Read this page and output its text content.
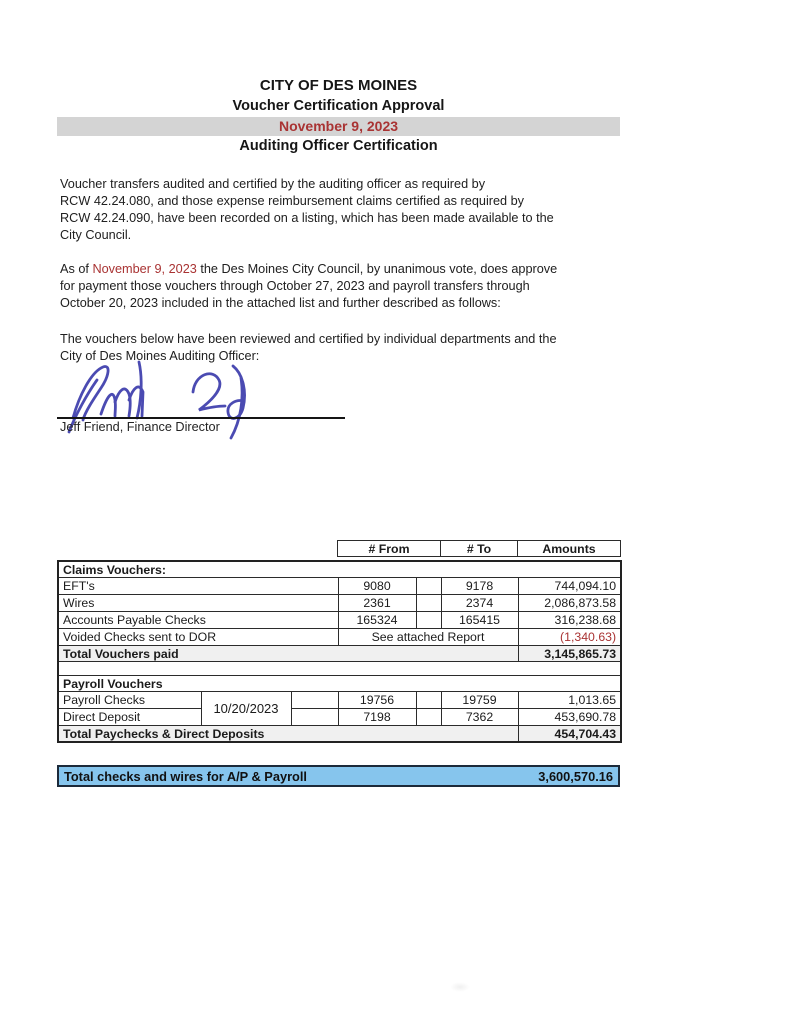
CITY OF DES MOINES
Voucher Certification Approval
November 9, 2023
Auditing Officer Certification
Voucher transfers audited and certified by the auditing officer as required by
RCW 42.24.080, and those expense reimbursement claims certified as required by
RCW 42.24.090, have been recorded on a listing, which has been made available to the
City Council.
As of November 9, 2023 the Des Moines City Council, by unanimous vote, does approve
for payment those vouchers through October 27, 2023 and payroll transfers through
October 20, 2023 included in the attached list and further described as follows:
The vouchers below have been reviewed and certified by individual departments and the
City of Des Moines Auditing Officer:
Jeff Friend, Finance Director
# From	# To	Amounts
Claims Vouchers:						
EFT's			9080		9178	744,094.10
Wires			2361		2374	2,086,873.58
Accounts Payable Checks			165324		165415	316,238.68
Voided Checks sent to DOR			See attached Report			(1,340.63)
Total Vouchers paid						3,145,865.73

Payroll Vouchers						
Payroll Checks	10/20/2023		19756		19759	1,013.65
Direct Deposit			7198		7362	453,690.78
Total Paychecks & Direct Deposits						454,704.43
Total checks and wires for A/P & Payroll	3,600,570.16
